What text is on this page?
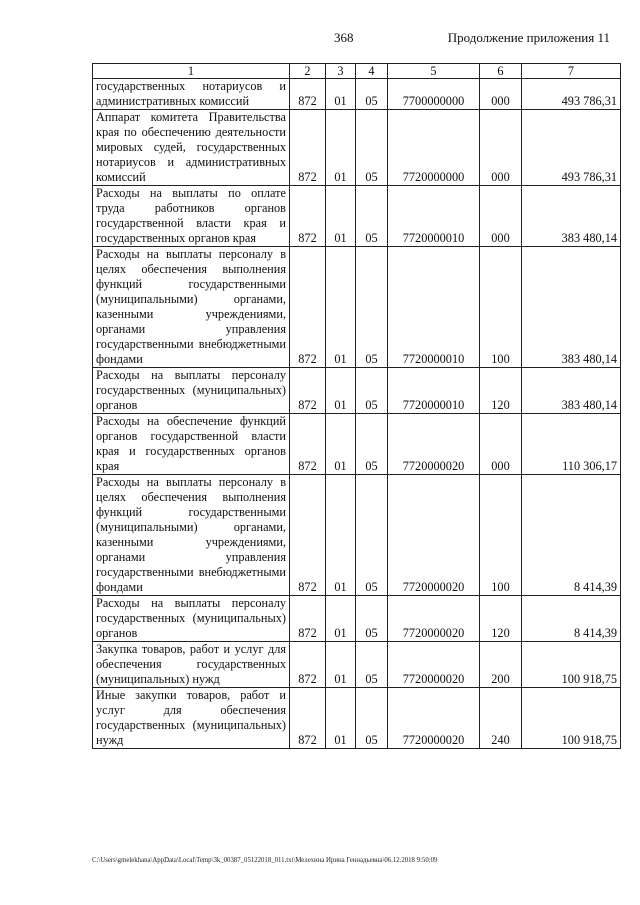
368	Продолжение приложения 11
1	2	3	4	5	6	7
государственных нотариусов и административных комиссий	872	01	05	7700000000	000	493 786,31
Аппарат комитета Правительства края по обеспечению деятельности мировых судей, государственных нотариусов и административных комиссий	872	01	05	7720000000	000	493 786,31
Расходы на выплаты по оплате труда работников органов государственной власти края и государственных органов края	872	01	05	7720000010	000	383 480,14
Расходы на выплаты персоналу в целях обеспечения выполнения функций государственными (муниципальными) органами, казенными учреждениями, органами управления государственными внебюджетными фондами	872	01	05	7720000010	100	383 480,14
Расходы на выплаты персоналу государственных (муниципальных) органов	872	01	05	7720000010	120	383 480,14
Расходы на обеспечение функций органов государственной власти края и государственных органов края	872	01	05	7720000020	000	110 306,17
Расходы на выплаты персоналу в целях обеспечения выполнения функций государственными (муниципальными) органами, казенными учреждениями, органами управления государственными внебюджетными фондами	872	01	05	7720000020	100	8 414,39
Расходы на выплаты персоналу государственных (муниципальных) органов	872	01	05	7720000020	120	8 414,39
Закупка товаров, работ и услуг для обеспечения государственных (муниципальных) нужд	872	01	05	7720000020	200	100 918,75
Иные закупки товаров, работ и услуг для обеспечения государственных (муниципальных) нужд	872	01	05	7720000020	240	100 918,75
C:\Users\gmelekhana\AppData\Local\Temp\3k_00387_05122018_011.txt\Мелехина Ирина Геннадьевна\06.12.2018 9:50:09
